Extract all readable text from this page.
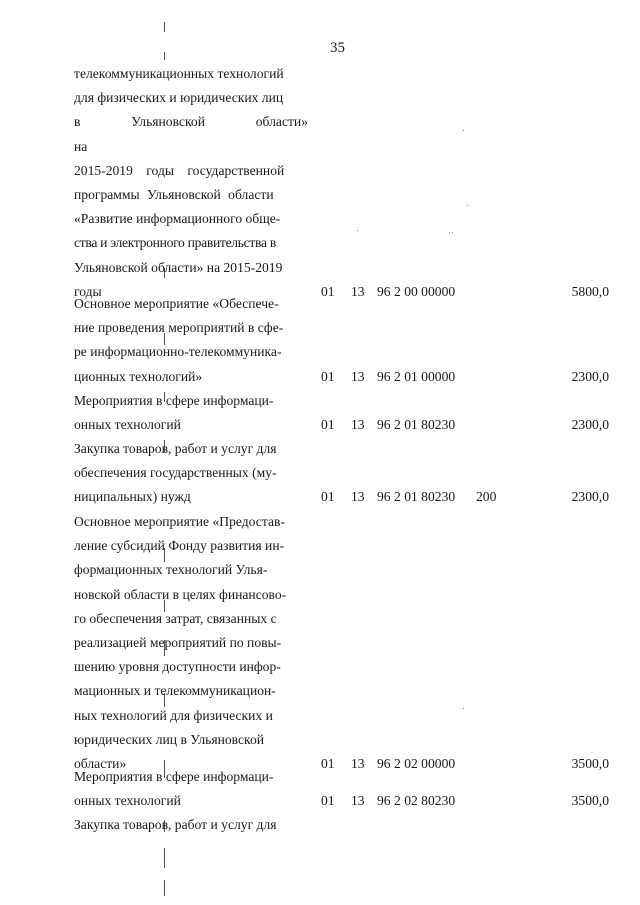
35
телекоммуникационных технологий
для физических и юридических лиц
в Ульяновской области» на
2015-2019 годы государственной
программы Ульяновской области
«Развитие информационного обще-
ства и электронного правительства в
Ульяновской области» на 2015-2019
годы	01 13 96 2 00 00000	5800,0
Основное мероприятие «Обеспече-
ние проведения мероприятий в сфе-
ре информационно-телекоммуника-
ционных технологий»	01 13 96 2 01 00000	2300,0
Мероприятия в сфере информаци-
онных технологий	01 13 96 2 01 80230	2300,0
Закупка товаров, работ и услуг для
обеспечения государственных (му-
ниципальных) нужд	01 13 96 2 01 80230 200	2300,0
Основное мероприятие «Предостав-
ление субсидий Фонду развития ин-
формационных технологий Улья-
новской области в целях финансово-
го обеспечения затрат, связанных с
реализацией мероприятий по повы-
шению уровня доступности инфор-
мационных и телекоммуникацион-
ных технологий для физических и
юридических лиц в Ульяновской
области»	01 13 96 2 02 00000	3500,0
Мероприятия в сфере информаци-
онных технологий	01 13 96 2 02 80230	3500,0
Закупка товаров, работ и услуг для
